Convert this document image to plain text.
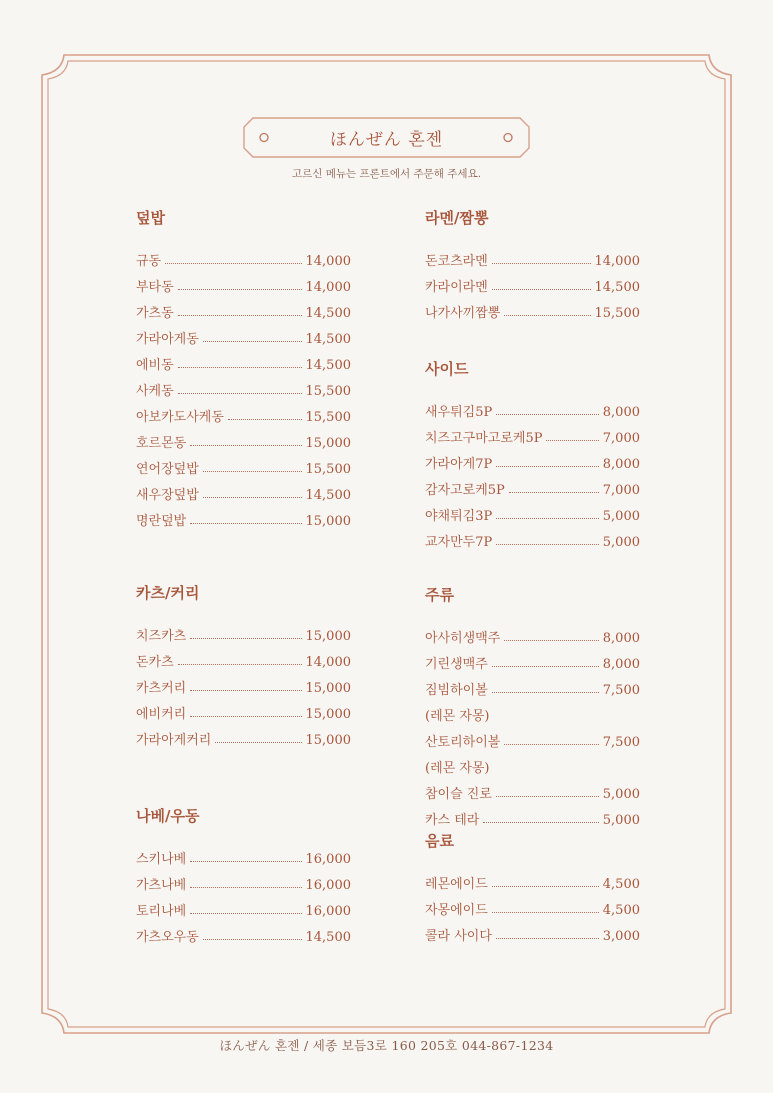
ほんぜん 혼젠
고르신 메뉴는 프론트에서 주문해 주세요.
덮밥
규동	14,000
부타동	14,000
가츠동	14,500
가라아게동	14,500
에비동	14,500
사케동	15,500
아보카도사케동	15,500
호르몬동	15,000
연어장덮밥	15,500
새우장덮밥	14,500
명란덮밥	15,000
카츠/커리
치즈카츠	15,000
돈카츠	14,000
카츠커리	15,000
에비커리	15,000
가라아게커리	15,000
나베/우동
스키나베	16,000
가츠나베	16,000
토리나베	16,000
가츠오우동	14,500
라멘/짬뽕
돈코츠라멘	14,000
카라이라멘	14,500
나가사끼짬뽕	15,500
사이드
새우튀김5P	8,000
치즈고구마고로케5P	7,000
가라아게7P	8,000
감자고로케5P	7,000
야채튀김3P	5,000
교자만두7P	5,000
주류
아사히생맥주	8,000
기린생맥주	8,000
짐빔하이볼	7,500
(레몬 자몽)
산토리하이볼	7,500
(레몬 자몽)
참이슬 진로	5,000
카스 테라	5,000
음료
레몬에이드	4,500
자몽에이드	4,500
콜라 사이다	3,000
ほんぜん 혼젠 / 세종 보듬3로 160 205호 044-867-1234
